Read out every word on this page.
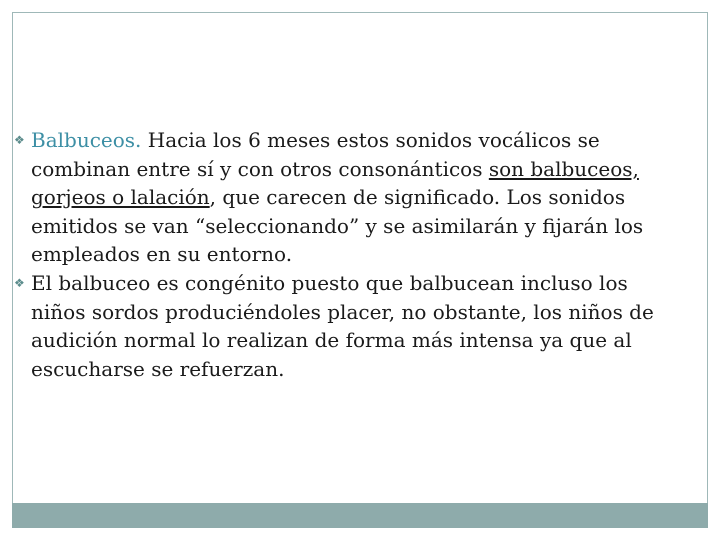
❖ Balbuceos. Hacia los 6 meses estos sonidos vocálicos se combinan entre sí y con otros consonánticos son balbuceos, gorjeos o lalación, que carecen de significado. Los sonidos emitidos se van “seleccionando” y se asimilarán y fijarán los empleados en su entorno.
❖ El balbuceo es congénito puesto que balbucean incluso los niños sordos produciéndoles placer, no obstante, los niños de audición normal lo realizan de forma más intensa ya que al escucharse se refuerzan.
